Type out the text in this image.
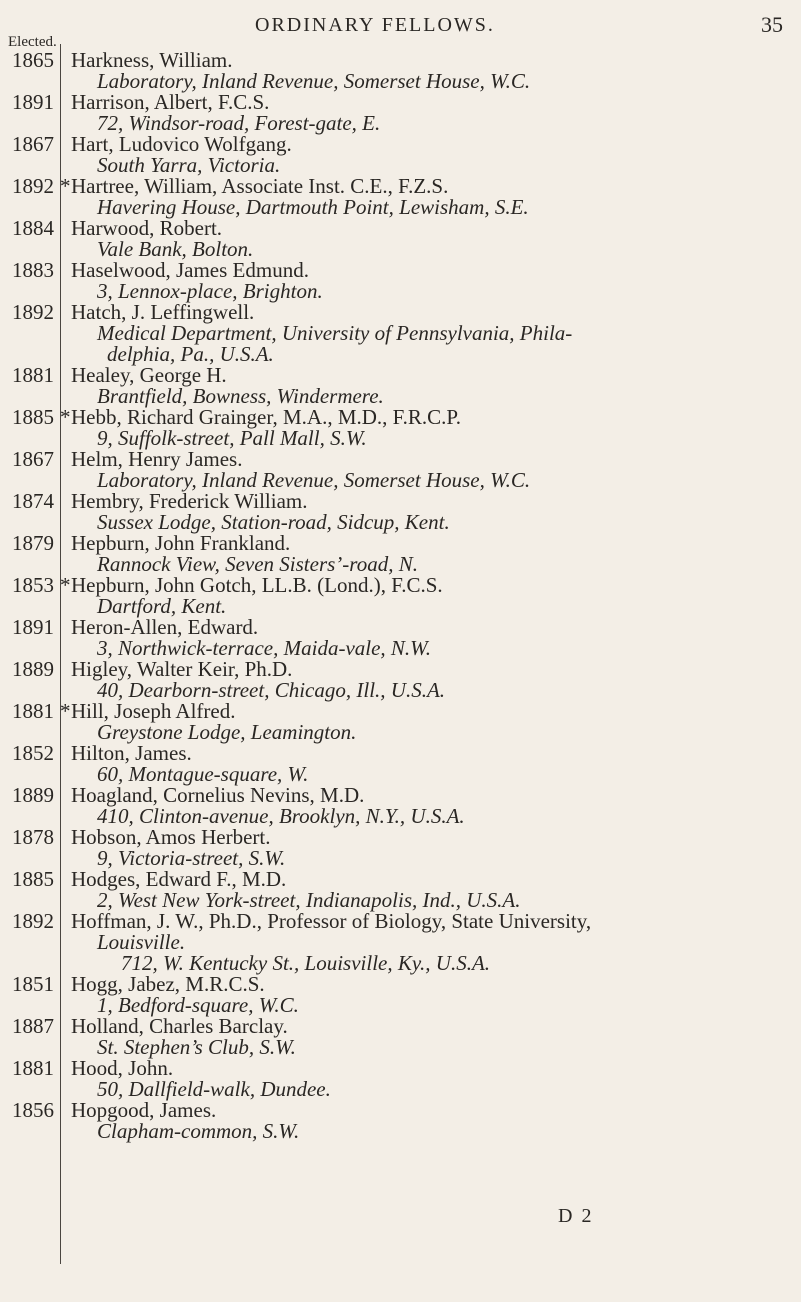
ORDINARY FELLOWS.	35
Elected.
1865 Harkness, William.
Laboratory, Inland Revenue, Somerset House, W.C.
1891 Harrison, Albert, F.C.S.
72, Windsor-road, Forest-gate, E.
1867 Hart, Ludovico Wolfgang.
South Yarra, Victoria.
1892 *Hartree, William, Associate Inst. C.E., F.Z.S.
Havering House, Dartmouth Point, Lewisham, S.E.
1884 Harwood, Robert.
Vale Bank, Bolton.
1883 Haselwood, James Edmund.
3, Lennox-place, Brighton.
1892 Hatch, J. Leffingwell.
Medical Department, University of Pennsylvania, Phila-
delphia, Pa., U.S.A.
1881 Healey, George H.
Brantfield, Bowness, Windermere.
1885 *Hebb, Richard Grainger, M.A., M.D., F.R.C.P.
9, Suffolk-street, Pall Mall, S.W.
1867 Helm, Henry James.
Laboratory, Inland Revenue, Somerset House, W.C.
1874 Hembry, Frederick William.
Sussex Lodge, Station-road, Sidcup, Kent.
1879 Hepburn, John Frankland.
Rannock View, Seven Sisters’-road, N.
1853 *Hepburn, John Gotch, LL.B. (Lond.), F.C.S.
Dartford, Kent.
1891 Heron-Allen, Edward.
3, Northwick-terrace, Maida-vale, N.W.
1889 Higley, Walter Keir, Ph.D.
40, Dearborn-street, Chicago, Ill., U.S.A.
1881 *Hill, Joseph Alfred.
Greystone Lodge, Leamington.
1852 Hilton, James.
60, Montague-square, W.
1889 Hoagland, Cornelius Nevins, M.D.
410, Clinton-avenue, Brooklyn, N.Y., U.S.A.
1878 Hobson, Amos Herbert.
9, Victoria-street, S.W.
1885 Hodges, Edward F., M.D.
2, West New York-street, Indianapolis, Ind., U.S.A.
1892 Hoffman, J. W., Ph.D., Professor of Biology, State University,
Louisville.
712, W. Kentucky St., Louisville, Ky., U.S.A.
1851 Hogg, Jabez, M.R.C.S.
1, Bedford-square, W.C.
1887 Holland, Charles Barclay.
St. Stephen’s Club, S.W.
1881 Hood, John.
50, Dallfield-walk, Dundee.
1856 Hopgood, James.
Clapham-common, S.W.
D 2
